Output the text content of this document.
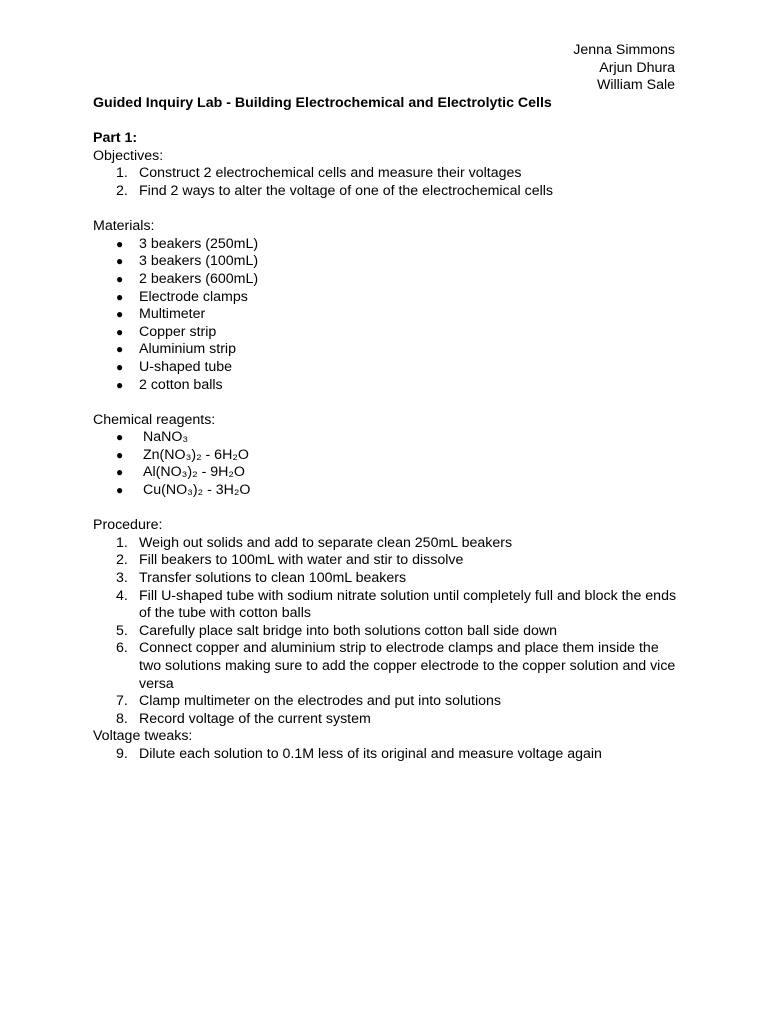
Jenna Simmons
Arjun Dhura
William Sale
Guided Inquiry Lab - Building Electrochemical and Electrolytic Cells
Part 1:
Objectives:
1. Construct 2 electrochemical cells and measure their voltages
2. Find 2 ways to alter the voltage of one of the electrochemical cells
Materials:
● 3 beakers (250mL)
● 3 beakers (100mL)
● 2 beakers (600mL)
● Electrode clamps
● Multimeter
● Copper strip
● Aluminium strip
● U-shaped tube
● 2 cotton balls
Chemical reagents:
● NaNO₃
● Zn(NO₃)₂ - 6H₂O
● Al(NO₃)₂ - 9H₂O
● Cu(NO₃)₂ - 3H₂O
Procedure:
1. Weigh out solids and add to separate clean 250mL beakers
2. Fill beakers to 100mL with water and stir to dissolve
3. Transfer solutions to clean 100mL beakers
4. Fill U-shaped tube with sodium nitrate solution until completely full and block the ends of the tube with cotton balls
5. Carefully place salt bridge into both solutions cotton ball side down
6. Connect copper and aluminium strip to electrode clamps and place them inside the two solutions making sure to add the copper electrode to the copper solution and vice versa
7. Clamp multimeter on the electrodes and put into solutions
8. Record voltage of the current system
Voltage tweaks:
9. Dilute each solution to 0.1M less of its original and measure voltage again
